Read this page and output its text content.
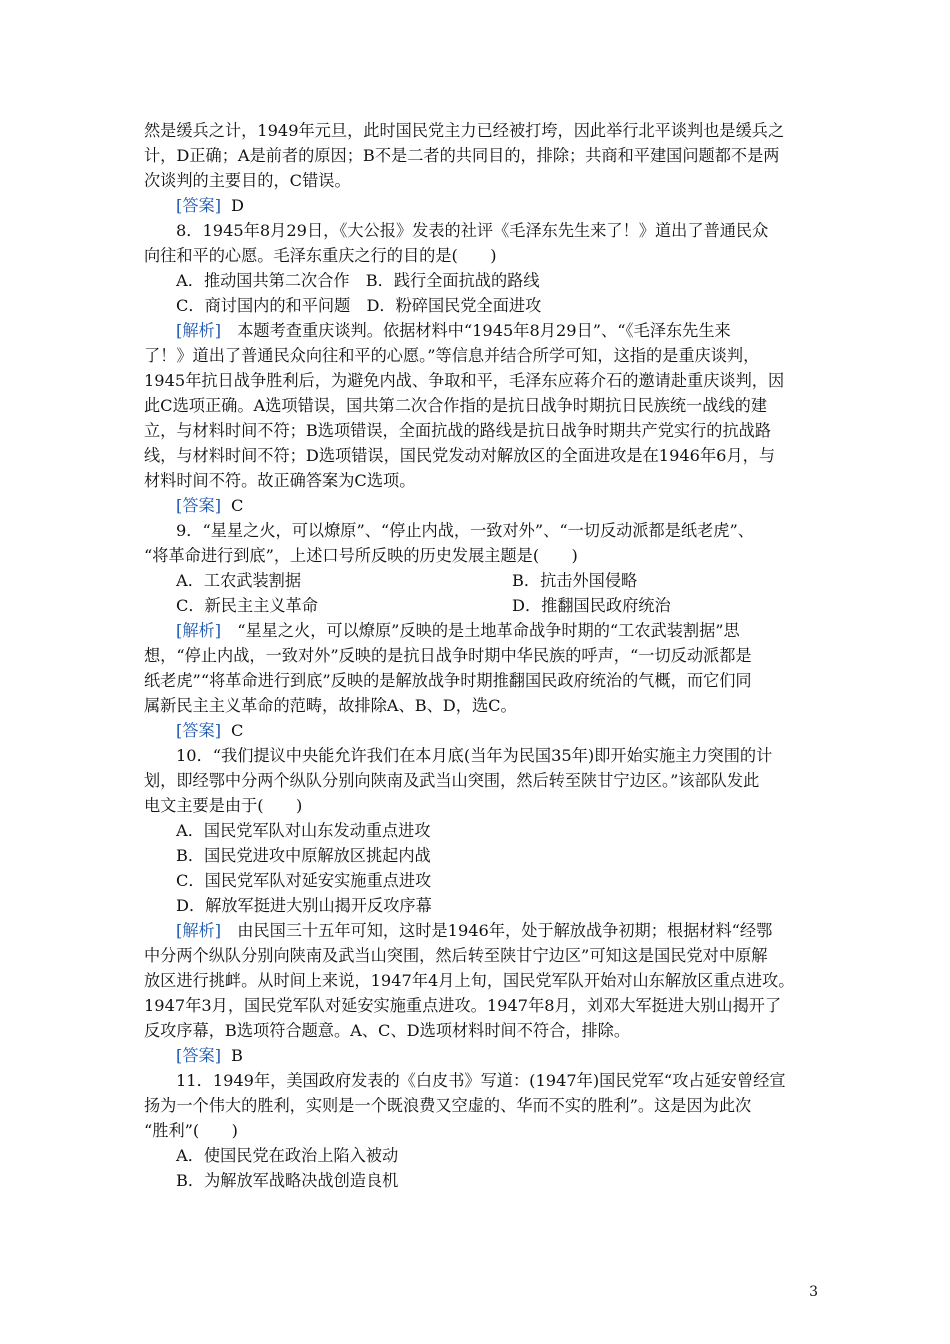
然是缓兵之计，1949年元旦，此时国民党主力已经被打垮，因此举行北平谈判也是缓兵之
计，D正确；A是前者的原因；B不是二者的共同目的，排除；共商和平建国问题都不是两
次谈判的主要目的，C错误。
[答案] D
8．1945年8月29日，《大公报》发表的社评《毛泽东先生来了！》道出了普通民众
向往和平的心愿。毛泽东重庆之行的目的是(　　)
A．推动国共第二次合作　B．践行全面抗战的路线
C．商讨国内的和平问题　D．粉碎国民党全面进攻
[解析]　本题考查重庆谈判。依据材料中“1945年8月29日”、“《毛泽东先生来
了！》道出了普通民众向往和平的心愿。”等信息并结合所学可知，这指的是重庆谈判，
1945年抗日战争胜利后，为避免内战、争取和平，毛泽东应蒋介石的邀请赴重庆谈判，因
此C选项正确。A选项错误，国共第二次合作指的是抗日战争时期抗日民族统一战线的建
立，与材料时间不符；B选项错误，全面抗战的路线是抗日战争时期共产党实行的抗战路
线，与材料时间不符；D选项错误，国民党发动对解放区的全面进攻是在1946年6月，与
材料时间不符。故正确答案为C选项。
[答案] C
9．“星星之火，可以燎原”、“停止内战，一致对外”、“一切反动派都是纸老虎”、
“将革命进行到底”，上述口号所反映的历史发展主题是(　　)
A．工农武装割据	B．抗击外国侵略
C．新民主主义革命	D．推翻国民政府统治
[解析]　“星星之火，可以燎原”反映的是土地革命战争时期的“工农武装割据”思
想，“停止内战，一致对外”反映的是抗日战争时期中华民族的呼声，“一切反动派都是
纸老虎”“将革命进行到底”反映的是解放战争时期推翻国民政府统治的气概，而它们同
属新民主主义革命的范畴，故排除A、B、D，选C。
[答案] C
10．“我们提议中央能允许我们在本月底(当年为民国35年)即开始实施主力突围的计
划，即经鄂中分两个纵队分别向陕南及武当山突围，然后转至陕甘宁边区。”该部队发此
电文主要是由于(　　)
A．国民党军队对山东发动重点进攻
B．国民党进攻中原解放区挑起内战
C．国民党军队对延安实施重点进攻
D．解放军挺进大别山揭开反攻序幕
[解析]　由民国三十五年可知，这时是1946年，处于解放战争初期；根据材料“经鄂
中分两个纵队分别向陕南及武当山突围，然后转至陕甘宁边区”可知这是国民党对中原解
放区进行挑衅。从时间上来说，1947年4月上旬，国民党军队开始对山东解放区重点进攻。
1947年3月，国民党军队对延安实施重点进攻。1947年8月，刘邓大军挺进大别山揭开了
反攻序幕，B选项符合题意。A、C、D选项材料时间不符合，排除。
[答案] B
11．1949年，美国政府发表的《白皮书》写道：(1947年)国民党军“攻占延安曾经宣
扬为一个伟大的胜利，实则是一个既浪费又空虚的、华而不实的胜利”。这是因为此次
“胜利”(　　)
A．使国民党在政治上陷入被动
B．为解放军战略决战创造良机
3
